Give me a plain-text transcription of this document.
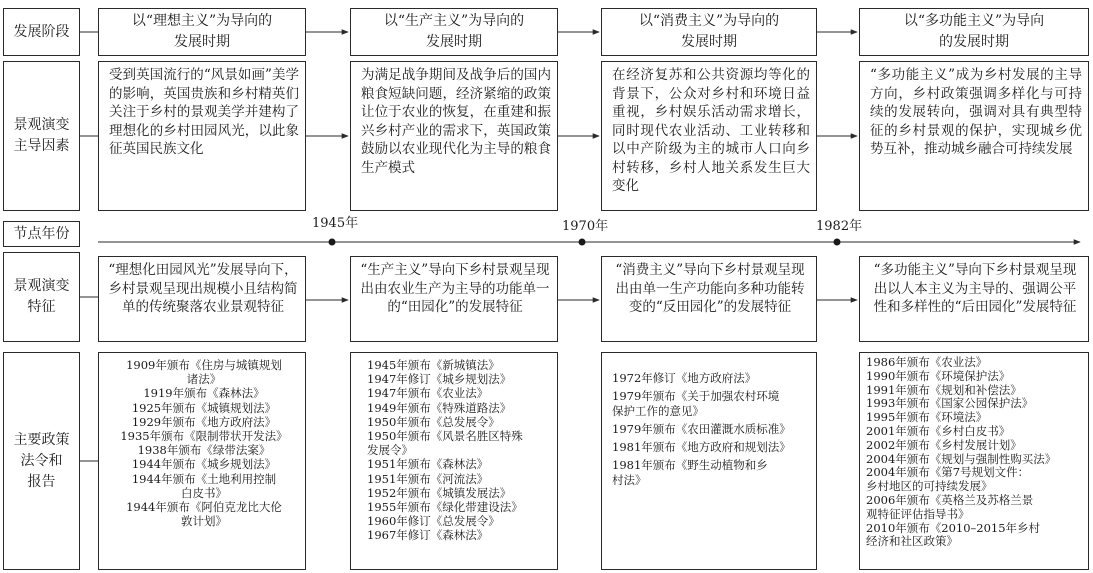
发展阶段
景观演变
主导因素
节点年份
景观演变
特征
主要政策
法令和
报告
以“理想主义”为导向的
发展时期
以“生产主义”为导向的
发展时期
以“消费主义”为导向的
发展时期
以“多功能主义”为导向
的发展时期
受到英国流行的“风景如画”美学的影响，英国贵族和乡村精英们关注于乡村的景观美学并建构了理想化的乡村田园风光，以此象征英国民族文化
为满足战争期间及战争后的国内粮食短缺问题，经济紧缩的政策让位于农业的恢复，在重建和振兴乡村产业的需求下，英国政策鼓励以农业现代化为主导的粮食生产模式
在经济复苏和公共资源均等化的背景下，公众对乡村和环境日益重视，乡村娱乐活动需求增长，同时现代农业活动、工业转移和以中产阶级为主的城市人口向乡村转移，乡村人地关系发生巨大变化
“多功能主义”成为乡村发展的主导方向，乡村政策强调多样化与可持续的发展转向，强调对具有典型特征的乡村景观的保护，实现城乡优势互补，推动城乡融合可持续发展
1945年	1970年	1982年
“理想化田园风光”发展导向下，乡村景观呈现出规模小且结构简单的传统聚落农业景观特征
“生产主义”导向下乡村景观呈现出由农业生产为主导的功能单一的“田园化”的发展特征
“消费主义”导向下乡村景观呈现出由单一生产功能向多种功能转变的“反田园化”的发展特征
“多功能主义”导向下乡村景观呈现出以人本主义为主导的、强调公平性和多样性的“后田园化”发展特征
1909年颁布《住房与城镇规划
诸法》
1919年颁布《森林法》
1925年颁布《城镇规划法》
1929年颁布《地方政府法》
1935年颁布《限制带状开发法》
1938年颁布《绿带法案》
1944年颁布《城乡规划法》
1944年颁布《土地利用控制
白皮书》
1944年颁布《阿伯克龙比大伦
敦计划》
1945年颁布《新城镇法》
1947年修订《城乡规划法》
1947年颁布《农业法》
1949年颁布《特殊道路法》
1950年颁布《总发展令》
1950年颁布《风景名胜区特殊
发展令》
1951年颁布《森林法》
1951年颁布《河流法》
1952年颁布《城镇发展法》
1955年颁布《绿化带建设法》
1960年修订《总发展令》
1967年修订《森林法》
1972年修订《地方政府法》
1979年颁布《关于加强农村环境
保护工作的意见》
1979年颁布《农田灌溉水质标准》
1981年颁布《地方政府和规划法》
1981年颁布《野生动植物和乡
村法》
1986年颁布《农业法》
1990年颁布《环境保护法》
1991年颁布《规划和补偿法》
1993年颁布《国家公园保护法》
1995年颁布《环境法》
2001年颁布《乡村白皮书》
2002年颁布《乡村发展计划》
2004年颁布《规划与强制性购买法》
2004年颁布《第7号规划文件：
乡村地区的可持续发展》
2006年颁布《英格兰及苏格兰景
观特征评估指导书》
2010年颁布《2010–2015年乡村
经济和社区政策》
